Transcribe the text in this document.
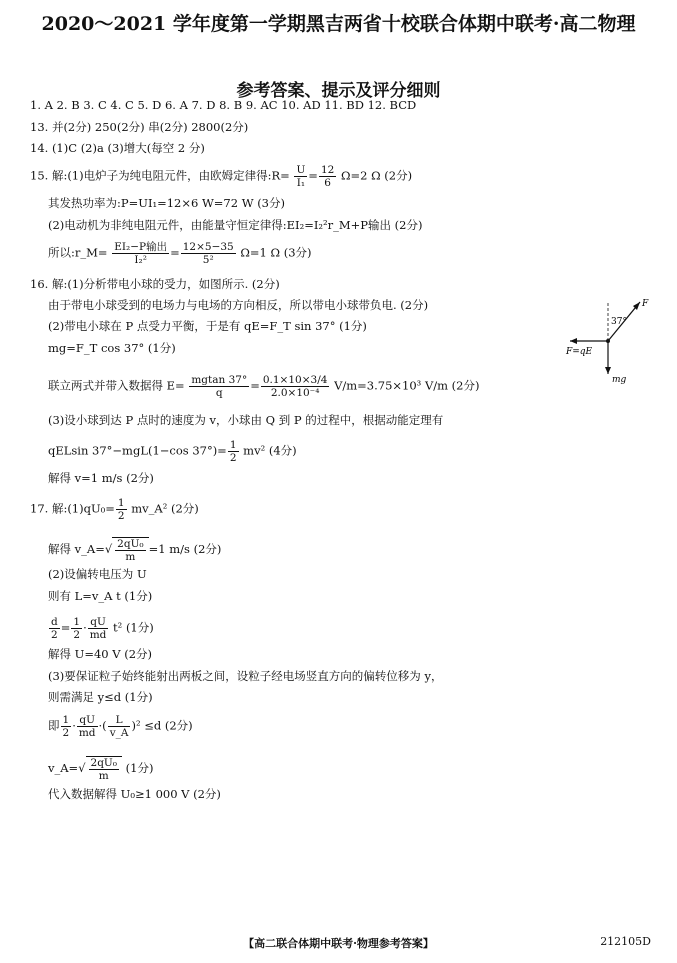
2020～2021 学年度第一学期黑吉两省十校联合体期中联考·高二物理
参考答案、提示及评分细则
1. A 2. B 3. C 4. C 5. D 6. A 7. D 8. B 9. AC 10. AD 11. BD 12. BCD
13. 并(2分) 250(2分) 串(2分) 2800(2分)
14. (1)C (2)a (3)增大(每空 2 分)
15. 解:(1)电炉子为纯电阻元件，由欧姆定律得:R= $\frac{U}{\text{I₁}} = \frac{12}{6} \Omega=2$ Ω (2分)
其发热功率为:P=UI₁=12×6 W=72 W (3分)
(2)电动机为非纯电阻元件，由能量守恒定律得:EI₂=I₂²r_M+P输出 (2分)
所以:r_M= EI₂−P输出
I₂²
= $\frac{12\times 5-35}{\text{5²}} \Omega=1$ Ω (3分)
16. 解:(1)分析带电小球的受力，如图所示. (2分)
由于带电小球受到的电场力与电场的方向相反，所以带电小球带负电. (2分)
(2)带电小球在 P 点受力平衡，于是有 qE=F_T sin 37° (1分)
mg=F_T cos 37° (1分)
联立两式并带入数据得 $E= \frac{mgtan 37^\circ}{q} = \frac{0.1\times 10\times 3/4}{\text{2.0×10⁻⁴}} V/m=3.75\times 10^3$ V/m (2分)
(3)设小球到达 P 点时的速度为 v，小球由 Q 到 P 的过程中，根据动能定理有
qELsin 37°−mgL(1−cos $37^\circ)= \frac{1}{2} mv^2$ (4分)
解得 v=1 m/s (2分)
17. 解:(1)qU₀= $\frac{1}{2}$ mv_A² (2分)
解得 v_A=√ $\frac{\text{2qU₀}}{m} =1$ m/s (2分)
(2)设偏转电压为 U
则有 L=v_A t (1分)
$\frac{d}{2} = \frac{1}{2} \cdot \frac{qU}{md} t^2$ (1分)
解得 U=40 V (2分)
(3)要保证粒子始终能射出两板之间，设粒子经电场竖直方向的偏转位移为 y，
则需满足 y≤d (1分)
即 $\frac{1}{2} \cdot \frac{qU}{md}$ ·( $\frac{L}{v\_A} )^2 \le d$ (2分)
v_A=√ $\frac{\text{2qU₀}}{m} (1$分)
代入数据解得 U₀≥1 000 V (2分)
F
37°
F=qE
mg
【高二联合体期中联考·物理参考答案】	212105D
